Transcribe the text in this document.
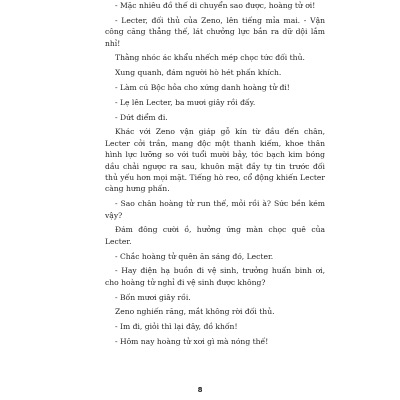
- Mặc nhiêu đồ thế di chuyển sao được, hoàng tử ơi!

- Lecter, đối thủ của Zeno, lên tiếng mỉa mai. - Vận công căng thẳng thế, lát chưởng lực bắn ra dữ dội lắm nhỉ!

Thằng nhóc ác khẩu nhếch mép chọc tức đối thủ.

Xung quanh, đám người hò hét phấn khích.

- Làm cú Bộc hỏa cho xứng danh hoàng tử đi!

- Lẹ lên Lecter, ba mươi giây rồi đấy.

- Dứt điểm đi.

Khác với Zeno vận giáp gỗ kín từ đầu đến chân, Lecter cởi trần, mang độc một thanh kiếm, khoe thân hình lực lưỡng so với tuổi mười bảy, tóc bạch kim bóng dầu chải ngược ra sau, khuôn mặt đầy tự tin trước đối thủ yếu hơn mọi mặt. Tiếng hò reo, cổ động khiến Lecter càng hưng phấn.

- Sao chân hoàng tử run thế, mỏi rồi à? Sức bền kém vậy?

Đám đông cười ồ, hưởng ứng màn chọc quê của Lecter.

- Chắc hoàng tử quên ăn sáng đó, Lecter.

- Hay điện hạ buồn đi vệ sinh, trưởng huấn binh ơi, cho hoàng tử nghỉ đi vệ sinh được không?

- Bốn mươi giây rồi.

Zeno nghiến răng, mắt không rời đối thủ.

- Im đi, giỏi thì lại đây, đồ khốn!

- Hôm nay hoàng tử xơi gì mà nóng thế!

8
